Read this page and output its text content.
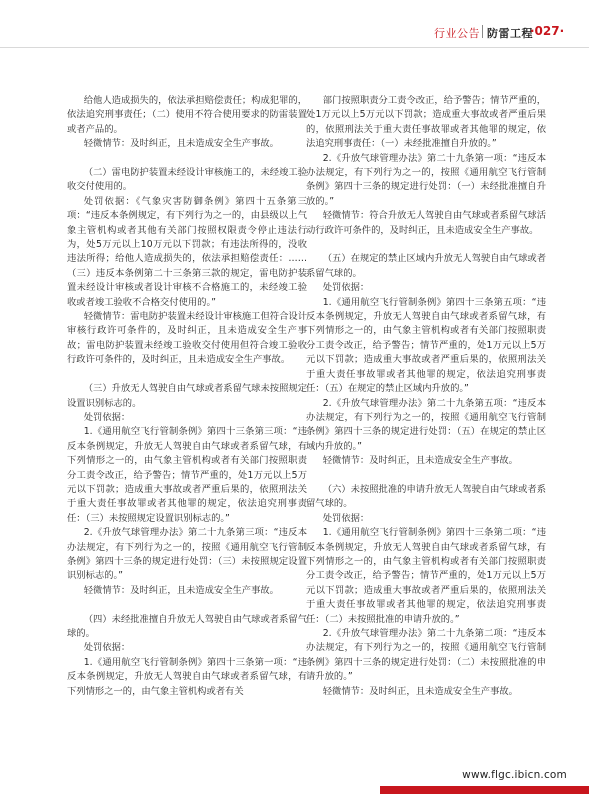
行业公告 防雷工程
·027·

给他人造成损失的，依法承担赔偿责任；构成犯罪的，依法追究刑事责任；（二）使用不符合使用要求的防雷装置或者产品的。

轻微情节：及时纠正，且未造成安全生产事故。

（二）雷电防护装置未经设计审核施工的，未经竣工验收交付使用的。

处罚依据：《气象灾害防御条例》第四十五条第三项：“违反本条例规定，有下列行为之一的，由县级以上气象主管机构或者其他有关部门按照权限责令停止违法行为，处5万元以上10万元以下罚款；有违法所得的，没收违法所得；给他人造成损失的，依法承担赔偿责任：……（三）违反本条例第二十三条第三款的规定，雷电防护装置未经设计审核或者设计审核不合格施工的，未经竣工验收或者竣工验收不合格交付使用的。”

轻微情节：雷电防护装置未经设计审核施工但符合设计审核行政许可条件的，及时纠正，且未造成安全生产事故；雷电防护装置未经竣工验收交付使用但符合竣工验收行政许可条件的，及时纠正，且未造成安全生产事故。

（三）升放无人驾驶自由气球或者系留气球未按照规定设置识别标志的。

处罚依据：

1.《通用航空飞行管制条例》第四十三条第三项：“违反本条例规定，升放无人驾驶自由气球或者系留气球，有下列情形之一的，由气象主管机构或者有关部门按照职责分工责令改正，给予警告；情节严重的，处1万元以上5万元以下罚款；造成重大事故或者严重后果的，依照刑法关于重大责任事故罪或者其他罪的规定，依法追究刑事责任：（三）未按照规定设置识别标志的。”

2.《升放气球管理办法》第二十九条第三项：“违反本办法规定，有下列行为之一的，按照《通用航空飞行管制条例》第四十三条的规定进行处罚：（三）未按照规定设置识别标志的。”

轻微情节：及时纠正，且未造成安全生产事故。

（四）未经批准擅自升放无人驾驶自由气球或者系留气球的。

处罚依据：

1.《通用航空飞行管制条例》第四十三条第一项：“违反本条例规定，升放无人驾驶自由气球或者系留气球，有下列情形之一的，由气象主管机构或者有关

部门按照职责分工责令改正，给予警告；情节严重的，处1万元以上5万元以下罚款；造成重大事故或者严重后果的，依照刑法关于重大责任事故罪或者其他罪的规定，依法追究刑事责任：（一）未经批准擅自升放的。”

2.《升放气球管理办法》第二十九条第一项：“违反本办法规定，有下列行为之一的，按照《通用航空飞行管制条例》第四十三条的规定进行处罚：（一）未经批准擅自升放的。”

轻微情节：符合升放无人驾驶自由气球或者系留气球活动行政许可条件的，及时纠正，且未造成安全生产事故。

（五）在规定的禁止区域内升放无人驾驶自由气球或者系留气球的。

处罚依据：

1.《通用航空飞行管制条例》第四十三条第五项：“违反本条例规定，升放无人驾驶自由气球或者系留气球，有下列情形之一的，由气象主管机构或者有关部门按照职责分工责令改正，给予警告；情节严重的，处1万元以上5万元以下罚款；造成重大事故或者严重后果的，依照刑法关于重大责任事故罪或者其他罪的规定，依法追究刑事责任：（五）在规定的禁止区域内升放的。”

2.《升放气球管理办法》第二十九条第五项：“违反本办法规定，有下列行为之一的，按照《通用航空飞行管制条例》第四十三条的规定进行处罚：（五）在规定的禁止区域内升放的。”

轻微情节：及时纠正，且未造成安全生产事故。

（六）未按照批准的申请升放无人驾驶自由气球或者系留气球的。

处罚依据：

1.《通用航空飞行管制条例》第四十三条第二项：“违反本条例规定，升放无人驾驶自由气球或者系留气球，有下列情形之一的，由气象主管机构或者有关部门按照职责分工责令改正，给予警告；情节严重的，处1万元以上5万元以下罚款；造成重大事故或者严重后果的，依照刑法关于重大责任事故罪或者其他罪的规定，依法追究刑事责任：（二）未按照批准的申请升放的。”

2.《升放气球管理办法》第二十九条第二项：“违反本办法规定，有下列行为之一的，按照《通用航空飞行管制条例》第四十三条的规定进行处罚：（二）未按照批准的申请升放的。”

轻微情节：及时纠正，且未造成安全生产事故。

www.flgc.ibicn.com
